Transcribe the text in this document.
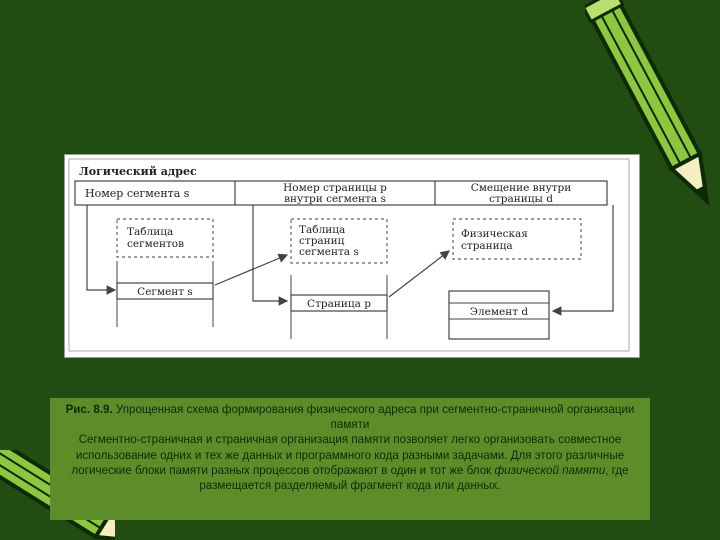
Логический адрес
Номер сегмента s	Номер страницы p
внутри сегмента s
Смещение внутри
страницы d
Таблица
сегментов
Таблица
страниц
сегмента s
Физическая
страница
Сегмент s
Страница p
Элемент d
Рис. 8.9. Упрощенная схема формирования физического адреса при сегментно-страничной организации памяти
Сегментно-страничная и страничная организация памяти позволяет легко организовать совместное использование одних и тех же данных и программного кода разными задачами. Для этого различные логические блоки памяти разных процессов отображают в один и тот же блок физической памяти, где размещается разделяемый фрагмент кода или данных.
